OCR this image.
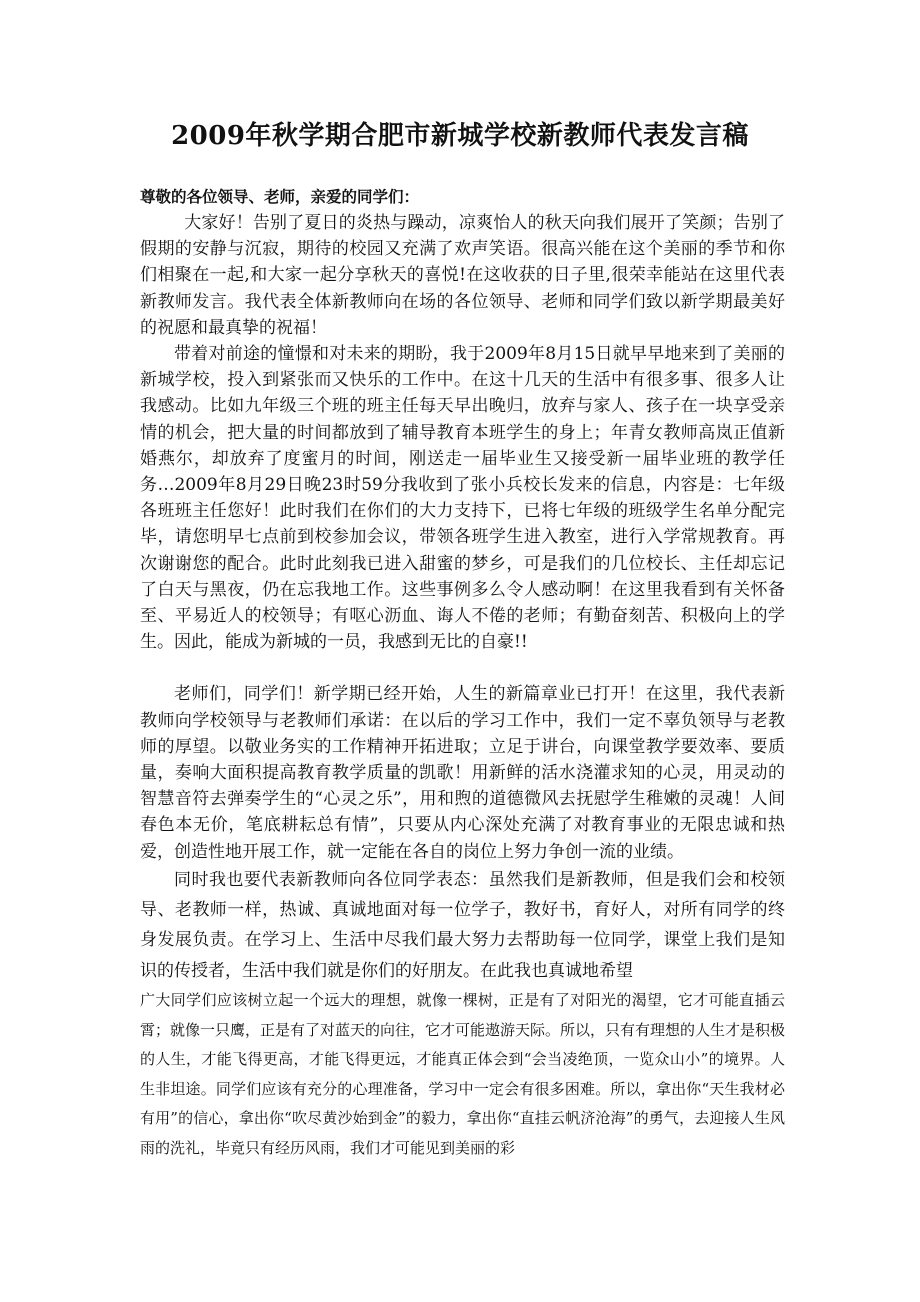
2009年秋学期合肥市新城学校新教师代表发言稿

尊敬的各位领导、老师，亲爱的同学们：

大家好！告别了夏日的炎热与躁动，凉爽怡人的秋天向我们展开了笑颜；告别了假期的安静与沉寂，期待的校园又充满了欢声笑语。很高兴能在这个美丽的季节和你们相聚在一起,和大家一起分享秋天的喜悦!在这收获的日子里,很荣幸能站在这里代表新教师发言。我代表全体新教师向在场的各位领导、老师和同学们致以新学期最美好的祝愿和最真挚的祝福！

带着对前途的憧憬和对未来的期盼，我于2009年8月15日就早早地来到了美丽的新城学校，投入到紧张而又快乐的工作中。在这十几天的生活中有很多事、很多人让我感动。比如九年级三个班的班主任每天早出晚归，放弃与家人、孩子在一块享受亲情的机会，把大量的时间都放到了辅导教育本班学生的身上；年青女教师高岚正值新婚燕尔，却放弃了度蜜月的时间，刚送走一届毕业生又接受新一届毕业班的教学任务…2009年8月29日晚23时59分我收到了张小兵校长发来的信息，内容是：七年级各班班主任您好！此时我们在你们的大力支持下，已将七年级的班级学生名单分配完毕，请您明早七点前到校参加会议，带领各班学生进入教室，进行入学常规教育。再次谢谢您的配合。此时此刻我已进入甜蜜的梦乡，可是我们的几位校长、主任却忘记了白天与黑夜，仍在忘我地工作。这些事例多么令人感动啊！在这里我看到有关怀备至、平易近人的校领导；有呕心沥血、诲人不倦的老师；有勤奋刻苦、积极向上的学生。因此，能成为新城的一员，我感到无比的自豪!!

老师们，同学们！新学期已经开始，人生的新篇章业已打开！在这里，我代表新教师向学校领导与老教师们承诺：在以后的学习工作中，我们一定不辜负领导与老教师的厚望。以敬业务实的工作精神开拓进取；立足于讲台，向课堂教学要效率、要质量，奏响大面积提高教育教学质量的凯歌！用新鲜的活水浇灌求知的心灵，用灵动的智慧音符去弹奏学生的“心灵之乐”，用和煦的道德微风去抚慰学生稚嫩的灵魂！人间春色本无价，笔底耕耘总有情”，只要从内心深处充满了对教育事业的无限忠诚和热爱，创造性地开展工作，就一定能在各自的岗位上努力争创一流的业绩。

同时我也要代表新教师向各位同学表态：虽然我们是新教师，但是我们会和校领导、老教师一样，热诚、真诚地面对每一位学子，教好书，育好人，对所有同学的终身发展负责。在学习上、生活中尽我们最大努力去帮助每一位同学，课堂上我们是知识的传授者，生活中我们就是你们的好朋友。在此我也真诚地希望

广大同学们应该树立起一个远大的理想，就像一棵树，正是有了对阳光的渴望，它才可能直插云霄；就像一只鹰，正是有了对蓝天的向往，它才可能遨游天际。所以，只有有理想的人生才是积极的人生，才能飞得更高，才能飞得更远，才能真正体会到“会当凌绝顶，一览众山小”的境界。人生非坦途。同学们应该有充分的心理准备，学习中一定会有很多困难。所以，拿出你“天生我材必有用”的信心，拿出你“吹尽黄沙始到金”的毅力，拿出你“直挂云帆济沧海”的勇气，去迎接人生风雨的洗礼，毕竟只有经历风雨，我们才可能见到美丽的彩
